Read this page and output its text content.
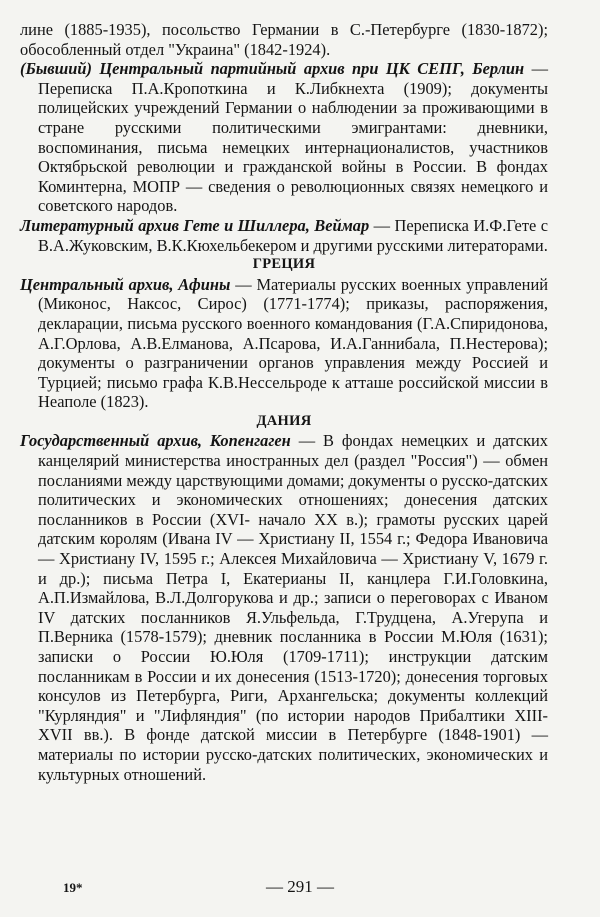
лине (1885-1935), посольство Германии в С.-Петербурге (1830-1872); обособленный отдел "Украина" (1842-1924).

(Бывший) Центральный партийный архив при ЦК СЕПГ, Берлин — Переписка П.А.Кропоткина и К.Либкнехта (1909); документы полицейских учреждений Германии о наблюдении за проживающими в стране русскими политическими эмигрантами: дневники, воспоминания, письма немецких интернационалистов, участников Октябрьской революции и гражданской войны в России. В фондах Коминтерна, МОПР — сведения о революционных связях немецкого и советского народов.

Литературный архив Гете и Шиллера, Веймар — Переписка И.Ф.Гете с В.А.Жуковским, В.К.Кюхельбекером и другими русскими литераторами.

ГРЕЦИЯ

Центральный архив, Афины — Материалы русских военных управлений (Миконос, Наксос, Сирос) (1771-1774); приказы, распоряжения, декларации, письма русского военного командования (Г.А.Спиридонова, А.Г.Орлова, А.В.Елманова, А.Псарова, И.А.Ганнибала, П.Нестерова); документы о разграничении органов управления между Россией и Турцией; письмо графа К.В.Нессельроде к атташе российской миссии в Неаполе (1823).

ДАНИЯ

Государственный архив, Копенгаген — В фондах немецких и датских канцелярий министерства иностранных дел (раздел "Россия") — обмен посланиями между царствующими домами; документы о русско-датских политических и экономических отношениях; донесения датских посланников в России (XVI- начало XX в.); грамоты русских царей датским королям (Ивана IV — Христиану II, 1554 г.; Федора Ивановича — Христиану IV, 1595 г.; Алексея Михайловича — Христиану V, 1679 г. и др.); письма Петра I, Екатерианы II, канцлера Г.И.Головкина, А.П.Измайлова, В.Л.Долгорукова и др.; записи о переговорах с Иваном IV датских посланников Я.Ульфельда, Г.Трудцена, А.Угерупа и П.Верника (1578-1579); дневник посланника в России М.Юля (1631); записки о России Ю.Юля (1709-1711); инструкции датским посланникам в России и их донесения (1513-1720); донесения торговых консулов из Петербурга, Риги, Архангельска; документы коллекций "Курляндия" и "Лифляндия" (по истории народов Прибалтики XIII- XVII вв.). В фонде датской миссии в Петербурге (1848-1901) — материалы по истории русско-датских политических, экономических и культурных отношений.

19*	— 291 —
